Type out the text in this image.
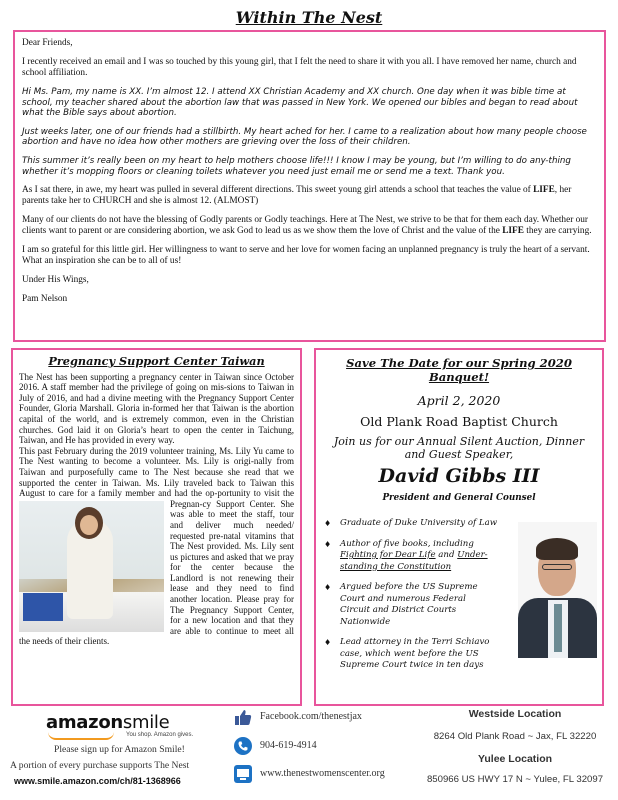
Within The Nest

Dear Friends,

I recently received an email and I was so touched by this young girl, that I felt the need to share it with you all. I have removed her name, church and school affiliation.

Hi Ms. Pam, my name is XX. I’m almost 12. I attend XX Christian Academy and XX church. One day when it was bible time at school, my teacher shared about the abortion law that was passed in New York. We opened our bibles and began to read about what the Bible says about abortion.

Just weeks later, one of our friends had a stillbirth. My heart ached for her. I came to a realization about how many people choose abortion and have no idea how other mothers are grieving over the loss of their children.

This summer it’s really been on my heart to help mothers choose life!!! I know I may be young, but I’m willing to do any-thing whether it’s mopping floors or cleaning toilets whatever you need just email me or send me a text. Thank you.

As I sat there, in awe, my heart was pulled in several different directions. This sweet young girl attends a school that teaches the value of LIFE, her parents take her to CHURCH and she is almost 12. (ALMOST)

Many of our clients do not have the blessing of Godly parents or Godly teachings. Here at The Nest, we strive to be that for them each day. Whether our clients want to parent or are considering abortion, we ask God to lead us as we show them the love of Christ and the value of the LIFE they are carrying.

I am so grateful for this little girl. Her willingness to want to serve and her love for women facing an unplanned pregnancy is truly the heart of a servant. What an inspiration she can be to all of us!

Under His Wings,

Pam Nelson

Pregnancy Support Center Taiwan
The Nest has been supporting a pregnancy center in Taiwan since October 2016. A staff member had the privilege of going on mis-sions to Taiwan in July of 2016, and had a divine meeting with the Pregnancy Support Center Founder, Gloria Marshall. Gloria in-formed her that Taiwan is the abortion capital of the world, and is extremely common, even in the Christian churches. God laid it on Gloria’s heart to open the center in Taichung, Taiwan, and He has provided in every way.
This past February during the 2019 volunteer training, Ms. Lily Yu came to The Nest wanting to become a volunteer. Ms. Lily is origi-nally from Taiwan and purposefully came to The Nest because she read that we supported the center in Taiwan. Ms. Lily traveled back to Taiwan this August to care for a family member and had the op-
portunity to visit the Pregnan-cy Support Center. She was able to meet the staff, tour and deliver much needed/ requested pre-natal vitamins that The Nest provided. Ms. Lily sent us pictures and asked that we pray for the center because the Landlord is not renewing their lease and they need to find another location. Please pray for The Pregnancy Support Center, for a new location and that they are able to continue to meet all the needs of their clients.
Save The Date for our Spring 2020 Banquet!
April 2, 2020
Old Plank Road Baptist Church
Join us for our Annual Silent Auction, Dinner and Guest Speaker,
David Gibbs III
President and General Counsel
♦ Graduate of Duke University of Law
♦ Author of five books, including Fighting for Dear Life and Under-standing the Constitution
♦ Argued before the US Supreme Court and numerous Federal Circuit and District Courts Nationwide
♦ Lead attorney in the Terri Schiavo case, which went before the US Supreme Court twice in ten days
amazonsmile
You shop. Amazon gives.
Please sign up for Amazon Smile!
A portion of every purchase supports The Nest
www.smile.amazon.com/ch/81-1368966
Facebook.com/thenestjax
904-619-4914
www.thenestwomenscenter.org
Westside Location
8264 Old Plank Road ~ Jax, FL 32220
Yulee Location
850966 US HWY 17 N ~ Yulee, FL 32097
